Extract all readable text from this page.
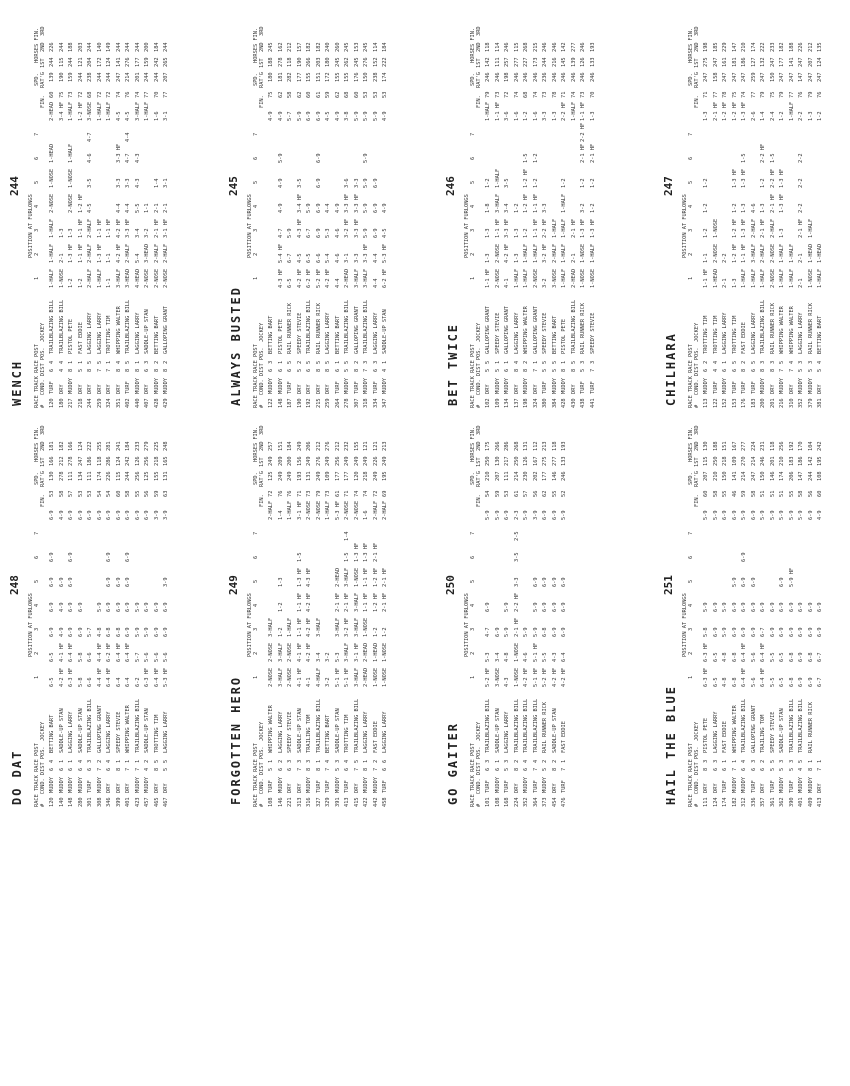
WENCH
244
RACE TRACK RACE POST #   COND. DIST POS.
JOCKEY
POSITION AT FURLONGS
1
2
3
4
5
6
7
SPD.
HORSES FIN.
FIN.
RAT'G
1ST
2ND
3RD
120
TURF
6
4
TRAILBLAZING BILL
1-HALF
1-HALF
1-HALF
2-NOSE
1-NOSE
1-HEAD
2-HEAD
60
139
244
226
180
DRY
4
4
TRAILBLAZING BILL
1-NOSE
2-1
1-3
3-4 HF
75
190
115
244
217
MUDDY
8
1
PISTOL PETE
1-2
1-3 HF
1-3
2-NOSE
1-NOSE
1-HALF
1-HALF
73
159
244
188
218
DRY
5
1
FAST EDDIE
1-2
1-1 HF
1-1 HF
1-2 HF
1-2 HF
72
244
121
203
244
DRY
8
5
LAGGING LARRY
2-HALF
2-HALF
2-HALF
4-5
3-5
4-6
4-7
3-NOSE
68
238
204
244
259
DRY
7
5
LAGGING LARRY
1-HALF
1-3 HF
1-1 HF
1-HALF
72
244
172
140
324
DRY
7
1
TROTTING TIM
1-1
1-1
1-1 HF
1-HALF
72
244
124
149
351
DRY
8
4
WHIPPING WALTER
3-HALF
4-2 HF
4-2 HF
4-4
3-3
3-3 HF
4-5
74
247
141
244
402
TURF
8
5
TRAILBLAZING BILL
3-HEAD
2-HALF
3-3 HF
4-4
3-3
4-7
4-4
4-5
76
214
276
244
440
MUDDY
8
1
LAGGING LARRY
4-HEAD
5-4
3-4
5-5
4-3
4-3
3-HALF
74
201
177
244
407
DRY
6
3
SADDLE-UP STAN
2-NOSE
3-HEAD
3-2
1-1
1-HALF
77
244
159
200
428
MUDDY
8
2
BETTING BART
2-NOSE
2-HALF
2-1 HF
2-1
1-4
1-6
70
244
242
184
429
MUDDY
8
2
GALLOPING GRANT
2-NOSE
2-HALF
3-1 HF
2-1
3-1
3-1
77
207
265
244
ALWAYS BUSTED
245
RACE TRACK RACE POST #   COND. DIST POS.
JOCKEY
POSITION AT FURLONGS
1
2
3
4
5
6
7
SPD.
HORSES FIN.
FIN.
RAT'G
1ST
2ND
3RD
122
MUDDY
6
3
BETTING BART
4-9
75
180
188
245
148
MUDDY
6
1
PISTOL PETE
4-3 HF
5-4 HF
4-7
4-9
4-9
5-9
4-9
62
181
278
162
187
TURF
6
5
RAIL RUNNER RICK
6-5
6-7
5-9
5-7
58
282
118
212
190
DRY
5
2
SPEEDY STEVIE
4-2 HF
4-5
4-3 HF
3-4 HF
3-5
5-9
62
177
190
157
192
DRY
6
5
TRAILBLAZING BILL
6-2 HF
6-5
6-7
5-9
6-9
60
155
266
182
215
DRY
8
5
RAIL RUNNER RICK
5-2 HF
6-6
6-9
6-9
6-9
6-9
6-9
61
151
203
182
259
DRY
8
5
LAGGING LARRY
4-2 HF
5-4
5-3
4-4
4-5
59
172
180
240
264
TURF
6
1
BETTING BART
4-4
4-6
4-6
4-9
4-9
62
155
245
260
278
MUDDY
5
5
TRAILBLAZING BILL
2-HEAD
3-1
3-2 HF
3-3 HF
3-6
3-8
68
155
262
245
307
TURF
8
2
GALLOPING GRANT
3-HALF
3-3
3-3 HF
3-3 HF
3-3
5-9
60
176
245
153
318
MUDDY
7
3
TRAILBLAZING BILL
3-HALF
3-3 HF
5-9
5-9
5-9
5-9
5-9
53
150
276
245
334
TURF
6
3
LAGGING LARRY
4-4
4-4
6-9
6-9
6-9
5-9
53
238
152
114
347
MUDDY
4
1
SADDLE-UP STAN
6-2 HF
5-3 HF
4-5
4-9
4-9
53
174
222
184
BET TWICE
246
RACE TRACK RACE POST #   COND. DIST POS.
JOCKEY
POSITION AT FURLONGS
1
2
3
4
5
6
7
SPD.
HORSES FIN.
FIN.
RAT'G
1ST
2ND
3RD
102
DRY
5
5
GALLOPING GRANT
1-1 HF
1-3
1-3
1-8
1-2
1-HALF
79
246
142
118
109
MUDDY
5
1
SPEEDY STEVIE
2-NOSE
2-NOSE
1-1 HF
3-HALF
1-HALF
1-1 HF
73
246
111
114
134
MUDDY
6
1
GALLOPING GRANT
4-1
4-2 HF
3-3 HF
3-4
3-5
3-6
72
198
257
246
137
DRY
8
4
LAGGING LARRY
1-HALF
1-3
1-3
1-2
1-6
74
246
277
115
198
MUDDY
8
2
WHIPPING WALTER
1-HALF
1-HALF
1-2
1-2 HF
1-2 HF
1-5
1-2
68
246
227
268
324
DRY
7
1
GALLOPING GRANT
2-NOSE
1-HALF
1-1 HF
1-1 HF
1-2
1-2
1-6
74
246
173
215
380
TURF
5
5
SPEEDY STEVIE
3-2
3-2 HF
2-2 HF
3-3
3-3
73
236
244
246
384
MUDDY
5
5
BETTING BART
3-NOSE
2-HALF
1-HALF
1-3
78
246
216
246
428
MUDDY
8
1
PISTOL PETE
1-HALF
1-HALF
1-HALF
1-HALF
1-2
2-2 HF
71
246
145
142
430
DRY
8
5
TRAILBLAZING BILL
2-HEAD
2-1
2-1 HF
1-HALF
74
246
139
277
438
TURF
5
3
RAIL RUNNER RICK
1-NOSE
1-NOSE
1-3 HF
3-2
1-2
2-1 HF
2-2 HF
1-1 HF
73
246
126
246
441
TURF
7
3
SPEEDY STEVIE
1-NOSE
1-HALF
1-3 HF
1-2
1-2
2-1 HF
1-3
70
246
133
193
CHILHARA
247
RACE TRACK RACE POST #   COND. DIST POS.
JOCKEY
POSITION AT FURLONGS
1
2
3
4
5
6
7
SPD.
HORSES FIN.
FIN.
RAT'G
1ST
2ND
3RD
113
MUDDY
6
2
TROTTING TIM
1-1 HF
1-1
1-2
1-2
1-2
1-3
71
247
275
198
122
TURF
4
4
TROTTING TIM
1-HEAD
2-NOSE
1-NOSE
2-1 HF
77
158
247
185
152
MUDDY
6
1
LAGGING LARRY
2-1
2-2
1-2 HF
78
247
161
229
153
TURF
6
5
TROTTING TIM
1-3
1-2 HF
1-2 HF
1-2
1-3 HF
1-2 HF
75
247
181
147
176
TURF
8
2
FAST EDDIE
1-HALF
1-1 HF
1-3 HF
1-3
1-3 HF
1-5
1-3 HF
74
247
186
210
183
TURF
6
5
LAGGING LARRY
1-HALF
3-HALF
2-HALF
4-6
2-6
77
259
127
174
200
MUDDY
8
3
TRAILBLAZING BILL
1-HALF
2-HALF
2-1 HF
1-3
1-2
2-2 HF
1-4
79
247
132
222
201
DRY
8
3
RAIL RUNNER RICK
2-NOSE
2-NOSE
2-HALF
2-1 HF
2-2 HF
1-5
2-4
75
150
247
233
216
MUDDY
7
5
WHIPPING WALTER
1-HALF
1-HALF
1-3
1-3 HF
1-3 HF
1-2
79
247
177
182
310
DRY
7
4
WHIPPING WALTER
1-HALF
1-HALF
1-HALF
77
247
141
188
352
MUDDY
5
3
LAGGING LARRY
2-1
2-1
2-1 HF
2-2
2-2
2-2
2-2
76
147
247
226
379
MUDDY
5
3
RAIL RUNNER RICK
1-NOSE
1-HEAD
1-HALF
1-3
79
247
207
212
381
DRY
5
4
BETTING BART
1-HALF
1-HEAD
1-2
76
247
124
135
DO DAT
248
RACE TRACK RACE POST #   COND. DIST POS.
JOCKEY
POSITION AT FURLONGS
1
2
3
4
5
6
7
SPD.
HORSES FIN.
FIN.
RAT'G
1ST
2ND
3RD
120
MUDDY
6
4
BETTING BART
6-5
6-5
6-9
6-9
6-9
6-9
6-9
53
130
166
181
140
MUDDY
6
1
SADDLE-UP STAN
4-2 HF
4-1 HF
4-9
4-9
6-9
4-9
58
278
212
182
148
MUDDY
6
1
LAGGING LARRY
6-3 HF
6-4 HF
6-9
6-9
6-9
6-9
6-9
57
111
278
166
280
MUDDY
6
4
SADDLE-UP STAN
5-8
5-8
6-9
6-9
6-9
53
134
247
124
301
TURF
6
3
TRAILBLAZING BILL
6-6
6-6
5-7
6-9
53
111
186
222
308
MUDDY
7
2
GALLOPING GRANT
4-4 HF
4-4 HF
4-8
5-9
6-9
54
174
118
255
346
DRY
6
4
LAGGING LARRY
6-4 HF
6-2 HF
6-8
6-9
6-9
6-9
6-9
54
226
286
281
399
DRY
8
1
SPEEDY STEVIE
6-4
6-4 HF
6-8
6-9
6-9
6-9
60
115
124
241
401
DRY
7
1
WHIPPING WALTER
6-4
6-4 HF
6-9
6-9
6-9
6-9
6-9
58
244
242
184
423
MUDDY
7
1
TRAILBLAZING BILL
6-2
5-7
5-9
5-9
6-9
55
256
126
233
457
MUDDY
4
2
SADDLE-UP STAN
6-3 HF
5-6
5-9
6-9
6-9
56
125
256
279
465
DRY
8
5
TROTTING TIM
6-4 HF
5-6
6-9
6-9
3-9
59
155
218
225
467
DRY
5
5
LAGGING LARRY
5-3 HF
5-6
6-9
6-9
3-9
3-9
63
131
165
248
FORGOTTEN HERO
249
RACE TRACK RACE POST #   COND. DIST POS.
JOCKEY
POSITION AT FURLONGS
1
2
3
4
5
6
7
SPD.
HORSES FIN.
FIN.
RAT'G
1ST
2ND
3RD
108
TURF
5
1
WHIPPING WALTER
2-NOSE
2-NOSE
3-HALF
2-HALF
72
125
249
257
146
MUDDY
6
2
LAGGING LARRY
3-HALF
3-HALF
1-2
1-2
1-3
1-4
76
249
209
151
221
DRY
6
3
SPEEDY STEVIE
2-NOSE
2-NOSE
1-HALF
1-HALF
76
249
200
184
313
DRY
7
3
SADDLE-UP STAN
4-1 HF
4-1 HF
1-1 HF
1-1 HF
1-3 HF
1-5
3-1 HF
71
193
156
249
316
MUDDY
8
3
TRAILING TOM
4-1
4-2 HF
4-2 HF
4-2 HF
4-3 HF
2-NOSE
73
131
249
206
327
TURF
8
1
TRAILBLAZING BILL
4-HALF
3-4
3-HALF
2-NOSE
79
249
276
212
329
TURF
7
4
BETTING BART
3-2
3-2
1-HALF
73
109
249
276
391
MUDDY
5
3
SADDLE-UP STAN
5-1 HF
5-3
3-HALF
2-1 HF
2-HEAD
5-3 HF
61
177
256
212
413
TURF
6
4
TROTTING TIM
5-1 HF
3-HALF
3-2 HF
2-1 HF
3-HALF
1-5
1-4
2-NOSE
71
177
249
232
415
DRY
7
5
TRAILBLAZING BILL
3-HALF
3-1 HF
3-HALF
3-HALF
1-NOSE
1-3 HF
2-NOSE
74
120
249
155
422
MUDDY
8
1
LAGGING LARRY
2-HEAD
2-HEAD
1-NOSE
1-1 HF
1-1 HF
1-3 HF
1-6
74
218
249
121
442
MUDDY
7
2
FAST EDDIE
1-NOSE
1-HEAD
1-2
1-2 HF
1-2 HF
2-1 HF
2-HALF
72
249
226
121
458
TURF
6
6
LAGGING LARRY
1-NOSE
1-NOSE
1-2
2-1 HF
2-1 HF
2-HALF
69
195
249
213
GO GAITER
250
RACE TRACK RACE POST #   COND. DIST POS.
JOCKEY
POSITION AT FURLONGS
1
2
3
4
5
6
7
SPD.
HORSES FIN.
FIN.
RAT'G
1ST
2ND
3RD
101
TURF
6
3
TRAILBLAZING BILL
5-2 HF
5-3
4-7
6-9
5-9
54
210
250
175
108
MUDDY
6
1
SADDLE-UP STAN
3-NOSE
3-4
6-9
5-9
59
207
130
266
168
TURF
5
3
LAGGING LARRY
4-3
4-8
5-9
5-9
6-9
53
111
217
286
224
DRY
8
2
TRAILBLAZING BILL
1-NOSE
1-NOSE
2-1 HF
2-2 HF
3-3
3-5
2-5
2-3
61
214
250
268
352
MUDDY
6
4
TRAILBLAZING BILL
4-2 HF
4-6
5-9
5-9
57
230
126
131
364
TURF
7
4
TRAILBLAZING BILL
5-1 HF
5-1 HF
5-9
5-9
6-9
3-9
56
202
167
112
373
MUDDY
5
2
RAIL RUNNER RICK
5-2 HF
5-5
6-8
6-9
6-9
6-9
62
177
275
213
454
DRY
8
2
SADDLE-UP STAN
4-2 HF
4-3
6-9
6-9
6-9
6-9
55
146
277
118
476
TURF
7
1
FAST EDDIE
4-2 HF
6-4
6-9
6-9
6-9
5-9
52
246
133
193
HAIL THE BLUE
251
RACE TRACK RACE POST #   COND. DIST POS.
JOCKEY
POSITION AT FURLONGS
1
2
3
4
5
6
7
SPD.
HORSES FIN.
FIN.
RAT'G
1ST
2ND
3RD
111
DRY
8
3
PISTOL PETE
6-3 HF
6-3 HF
5-8
5-9
5-9
60
207
115
130
124
DRY
6
3
LAGGING LARRY
6-5
6-5
6-9
6-9
5-9
58
210
250
188
174
TURF
6
1
FAST EDDIE
4-8
4-8
5-9
5-9
6-9
55
150
218
151
182
MUDDY
7
1
WHIPPING WALTER
6-8
6-8
6-9
6-9
5-9
6-9
46
141
109
167
312
MUDDY
6
4
TRAILBLAZING BILL
6-4 HF
6-4 HF
6-9
6-9
6-9
6-9
5-9
59
214
270
277
336
TURF
6
3
GALLOPING GRANT
5-6
5-6
6-9
6-9
6-9
6-9
58
247
214
224
357
DRY
6
2
TRAILING TOM
6-4 HF
6-4 HF
6-7
6-9
5-9
51
150
246
231
361
TURF
5
5
SPEEDY STEVIE
5-5
5-5
6-9
6-9
5-9
51
146
201
118
362
MUDDY
5
3
SADDLE-UP STAN
6-5
6-5
6-9
6-9
6-9
5-9
51
174
210
256
390
TURF
5
3
TRAILBLAZING BILL
6-8
6-8
6-9
6-9
5-9 HF
5-9
55
206
183
192
401
MUDDY
4
5
TRAILBLAZING BILL
6-9
6-9
6-9
6-9
5-9
58
147
186
170
409
MUDDY
8
1
RAIL RUNNER RICK
6-9
6-8
6-9
6-9
6-9
56
244
142
104
413
DRY
7
1
6-7
6-7
6-9
6-9
4-9
60
108
195
242
